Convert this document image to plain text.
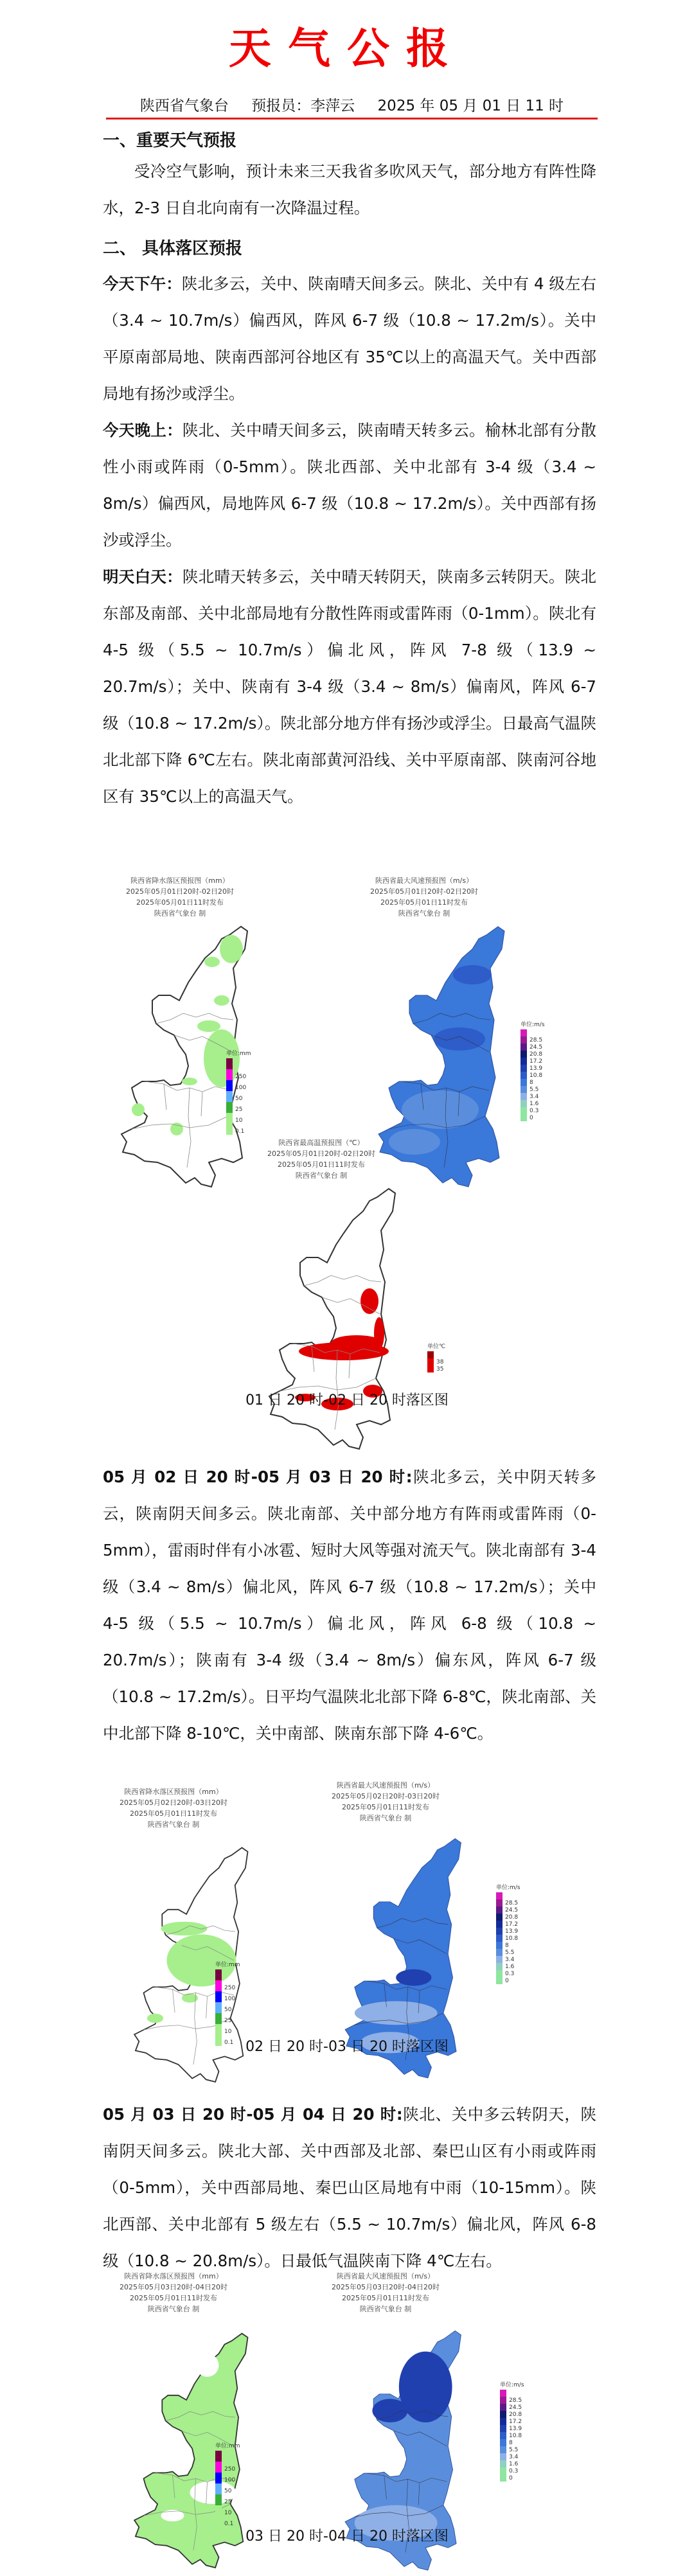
天气公报
陕西省气象台 预报员：李萍云 2025 年 05 月 01 日 11 时
一、重要天气预报
受冷空气影响，预计未来三天我省多吹风天气，部分地方有阵性降水，2-3 日自北向南有一次降温过程。
二、 具体落区预报
今天下午：陕北多云，关中、陕南晴天间多云。陕北、关中有 4 级左右（3.4 ~ 10.7m/s）偏西风，阵风 6-7 级（10.8 ~ 17.2m/s）。关中平原南部局地、陕南西部河谷地区有 35℃以上的高温天气。关中西部局地有扬沙或浮尘。
今天晚上：陕北、关中晴天间多云，陕南晴天转多云。榆林北部有分散性小雨或阵雨（0-5mm）。陕北西部、关中北部有 3-4 级（3.4 ~ 8m/s）偏西风，局地阵风 6-7 级（10.8 ~ 17.2m/s）。关中西部有扬沙或浮尘。
明天白天：陕北晴天转多云，关中晴天转阴天，陕南多云转阴天。陕北东部及南部、关中北部局地有分散性阵雨或雷阵雨（0-1mm）。陕北有 4-5 级（5.5 ~ 10.7m/s）偏北风，阵风 7-8 级（13.9 ~ 20.7m/s）；关中、陕南有 3-4 级（3.4 ~ 8m/s）偏南风，阵风 6-7 级（10.8 ~ 17.2m/s）。陕北部分地方伴有扬沙或浮尘。日最高气温陕北北部下降 6℃左右。陕北南部黄河沿线、关中平原南部、陕南河谷地区有 35℃以上的高温天气。
陕西省降水落区预报图（mm）
2025年05月01日20时-02日20时
2025年05月01日11时发布
陕西省气象台 制
单位:mm
250
100
50
25
10
0.1
陕西省最大风速预报图（m/s）
2025年05月01日20时-02日20时
2025年05月01日11时发布
陕西省气象台 制
单位:m/s
28.5
24.5
20.8
17.2
13.9
10.8
8
5.5
3.4
1.6
0.3
0
陕西省最高温预报图（℃）
2025年05月01日20时-02日20时
2025年05月01日11时发布
陕西省气象台 制
单位℃
38
35
01 日 20 时-02 日 20 时落区图
05 月 02 日 20 时-05 月 03 日 20 时:陕北多云，关中阴天转多云，陕南阴天间多云。陕北南部、关中部分地方有阵雨或雷阵雨（0-5mm），雷雨时伴有小冰雹、短时大风等强对流天气。陕北南部有 3-4 级（3.4 ~ 8m/s）偏北风，阵风 6-7 级（10.8 ~ 17.2m/s）；关中 4-5 级（5.5 ~ 10.7m/s）偏北风，阵风 6-8 级（10.8 ~ 20.7m/s）；陕南有 3-4 级（3.4 ~ 8m/s）偏东风，阵风 6-7 级（10.8 ~ 17.2m/s）。日平均气温陕北北部下降 6-8℃，陕北南部、关中北部下降 8-10℃，关中南部、陕南东部下降 4-6℃。
陕西省降水落区预报图（mm）
2025年05月02日20时-03日20时
2025年05月01日11时发布
陕西省气象台 制
单位:mm
250
100
50
25
10
0.1
陕西省最大风速预报图（m/s）
2025年05月02日20时-03日20时
2025年05月01日11时发布
陕西省气象台 制
单位:m/s
28.5
24.5
20.8
17.2
13.9
10.8
8
5.5
3.4
1.6
0.3
0
02 日 20 时-03 日 20 时落区图
05 月 03 日 20 时-05 月 04 日 20 时:陕北、关中多云转阴天，陕南阴天间多云。陕北大部、关中西部及北部、秦巴山区有小雨或阵雨（0-5mm），关中西部局地、秦巴山区局地有中雨（10-15mm）。陕北西部、关中北部有 5 级左右（5.5 ~ 10.7m/s）偏北风，阵风 6-8 级（10.8 ~ 20.8m/s）。日最低气温陕南下降 4℃左右。
陕西省降水落区预报图（mm）
2025年05月03日20时-04日20时
2025年05月01日11时发布
陕西省气象台 制
单位:mm
250
100
50
25
10
0.1
陕西省最大风速预报图（m/s）
2025年05月03日20时-04日20时
2025年05月01日11时发布
陕西省气象台 制
单位:m/s
28.5
24.5
20.8
17.2
13.9
10.8
8
5.5
3.4
1.6
0.3
0
03 日 20 时-04 日 20 时落区图
